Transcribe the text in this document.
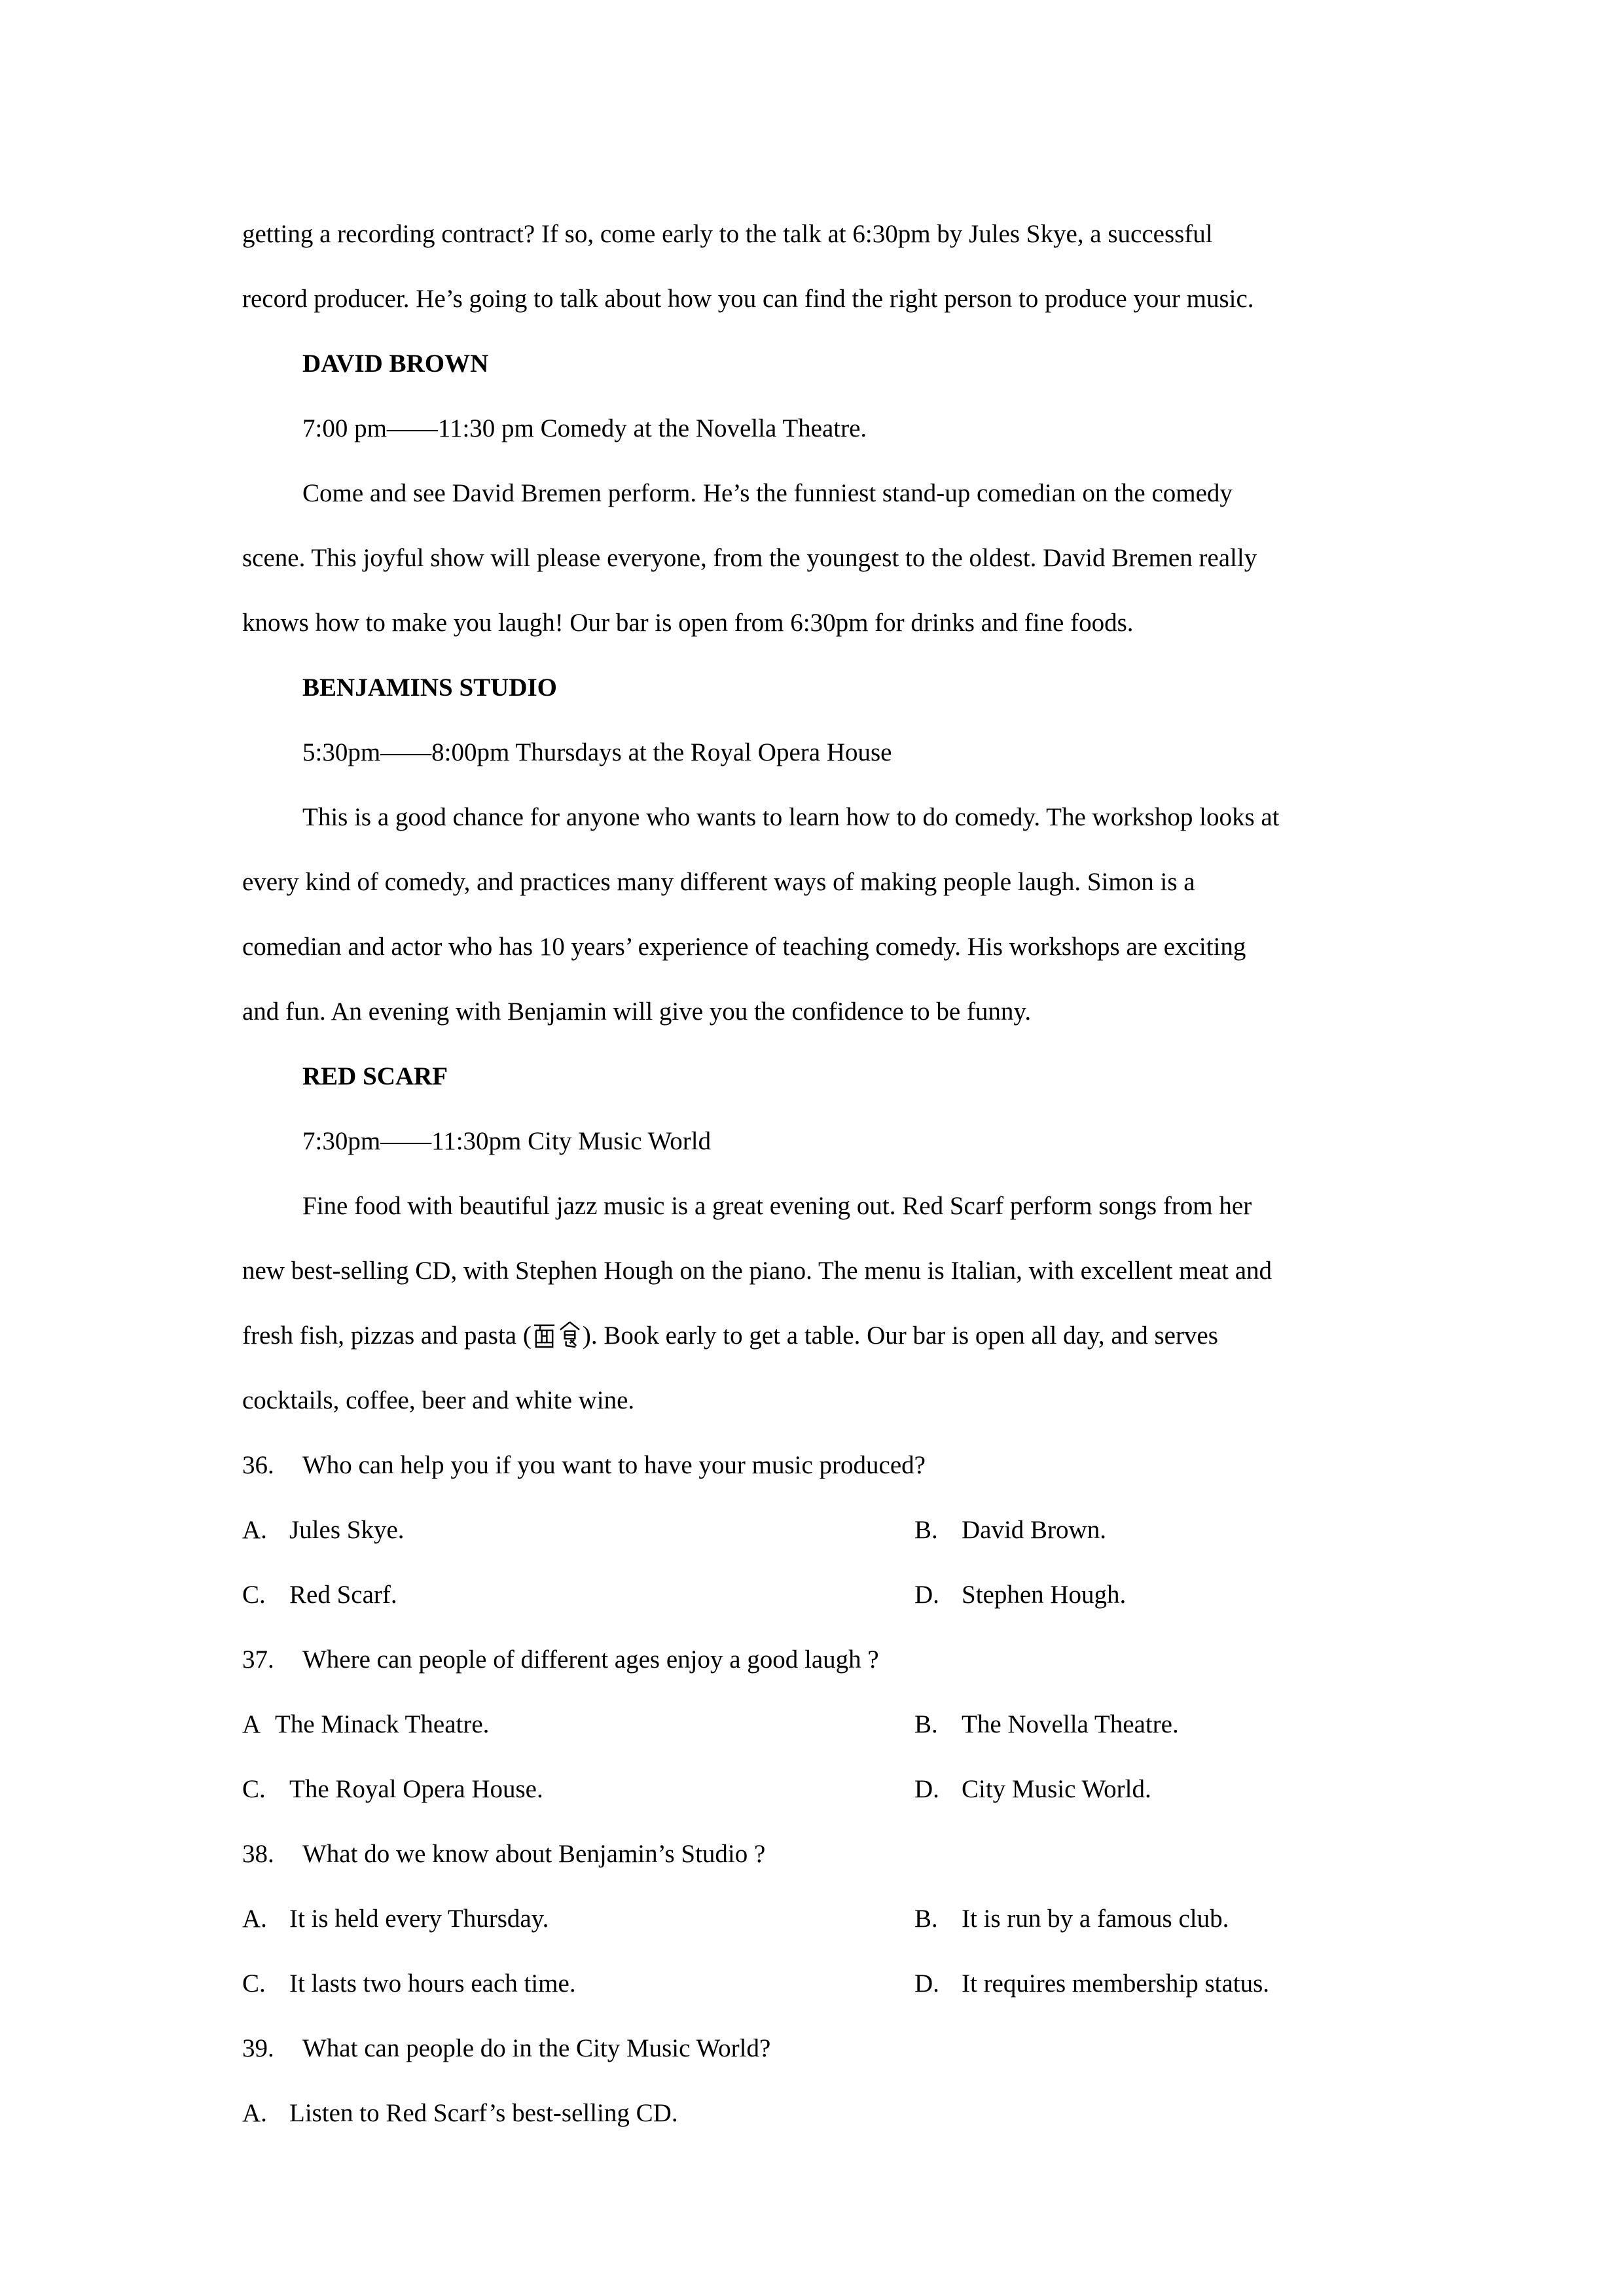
getting a recording contract? If so, come early to the talk at 6:30pm by Jules Skye, a successful
record producer. He’s going to talk about how you can find the right person to produce your music.
DAVID BROWN
7:00 pm——11:30 pm Comedy at the Novella Theatre.
Come and see David Bremen perform. He’s the funniest stand-up comedian on the comedy
scene. This joyful show will please everyone, from the youngest to the oldest. David Bremen really
knows how to make you laugh! Our bar is open from 6:30pm for drinks and fine foods.
BENJAMINS STUDIO
5:30pm——8:00pm Thursdays at the Royal Opera House
This is a good chance for anyone who wants to learn how to do comedy. The workshop looks at
every kind of comedy, and practices many different ways of making people laugh. Simon is a
comedian and actor who has 10 years’ experience of teaching comedy. His workshops are exciting
and fun. An evening with Benjamin will give you the confidence to be funny.
RED SCARF
7:30pm——11:30pm City Music World
Fine food with beautiful jazz music is a great evening out. Red Scarf perform songs from her
new best-selling CD, with Stephen Hough on the piano. The menu is Italian, with excellent meat and
fresh fish, pizzas and pasta ( ). Book early to get a table. Our bar is open all day, and serves
cocktails, coffee, beer and white wine.
36. Who can help you if you want to have your music produced?
A. Jules Skye.	B. David Brown.
C. Red Scarf.	D. Stephen Hough.
37. Where can people of different ages enjoy a good laugh ?
A The Minack Theatre.	B. The Novella Theatre.
C. The Royal Opera House.	D. City Music World.
38. What do we know about Benjamin’s Studio ?
A. It is held every Thursday.	B. It is run by a famous club.
C. It lasts two hours each time.	D. It requires membership status.
39. What can people do in the City Music World?
A. Listen to Red Scarf’s best-selling CD.
